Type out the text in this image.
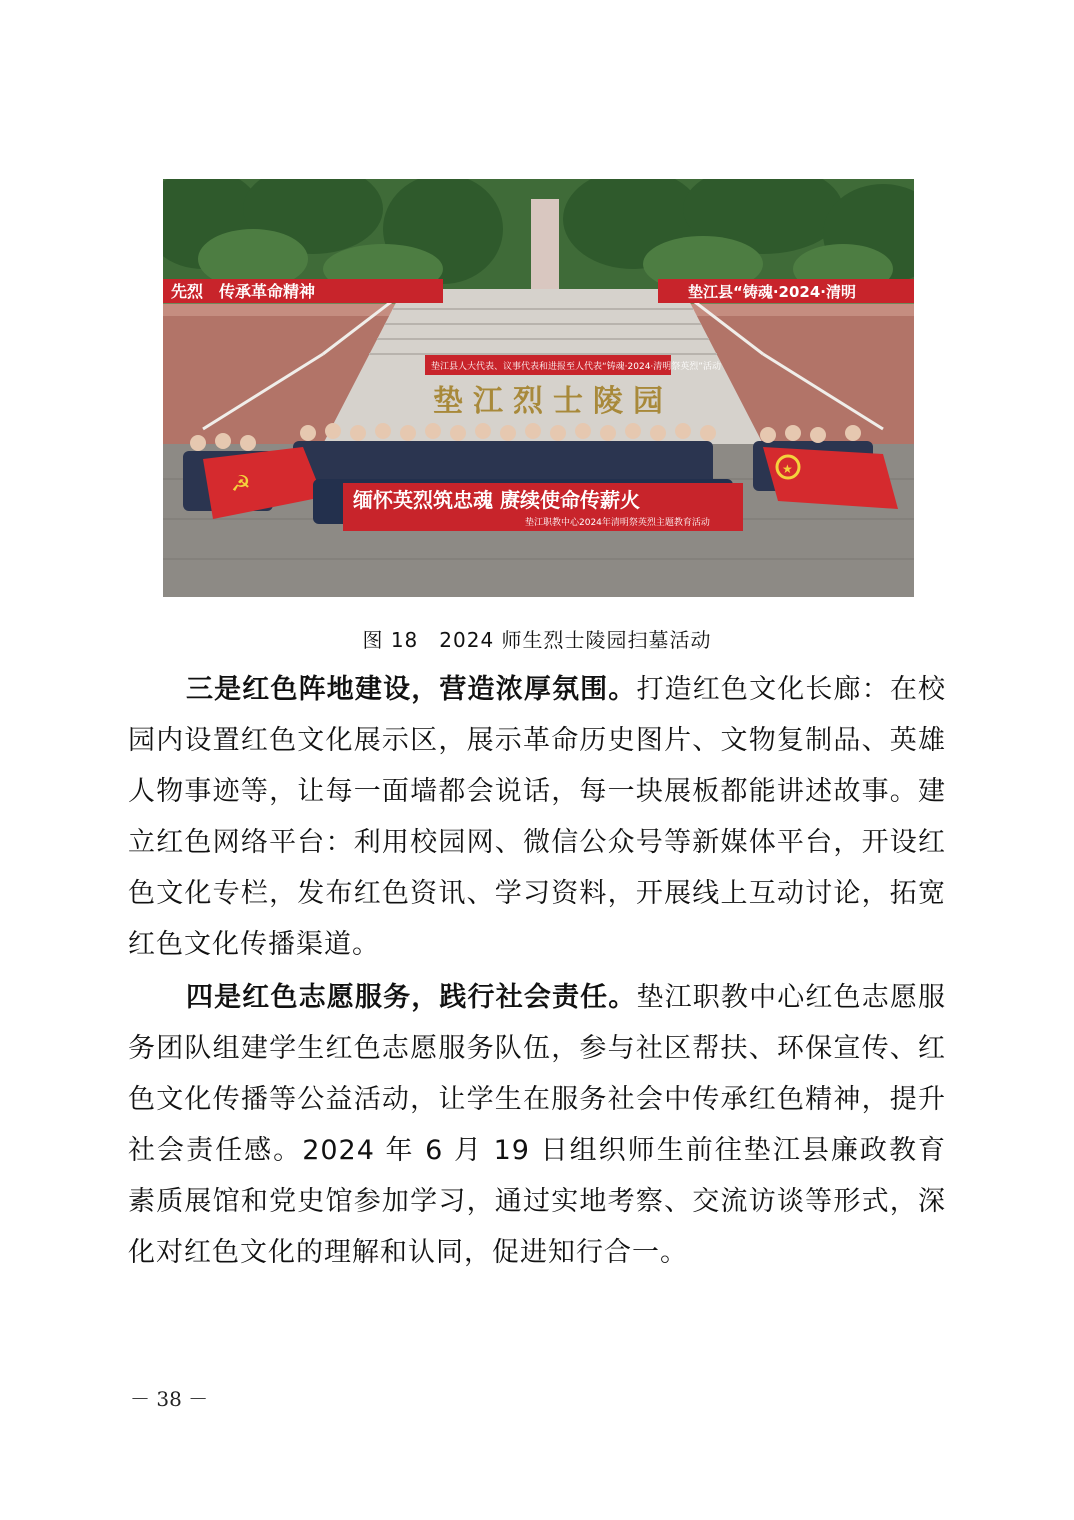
先烈　传承革命精神	垫江县“铸魂·2024·清明
垫江县人大代表、议事代表和进报至人代表“铸魂·2024·清明祭英烈”活动
垫江烈士陵园
☭
★
缅怀英烈筑忠魂 赓续使命传薪火
垫江职教中心2024年清明祭英烈主题教育活动
图 18　2024 师生烈士陵园扫墓活动

三是红色阵地建设，营造浓厚氛围。打造红色文化长廊：在校园内设置红色文化展示区，展示革命历史图片、文物复制品、英雄人物事迹等，让每一面墙都会说话，每一块展板都能讲述故事。建立红色网络平台：利用校园网、微信公众号等新媒体平台，开设红色文化专栏，发布红色资讯、学习资料，开展线上互动讨论，拓宽红色文化传播渠道。

四是红色志愿服务，践行社会责任。垫江职教中心红色志愿服务团队组建学生红色志愿服务队伍，参与社区帮扶、环保宣传、红色文化传播等公益活动，让学生在服务社会中传承红色精神，提升社会责任感。2024 年 6 月 19 日组织师生前往垫江县廉政教育素质展馆和党史馆参加学习，通过实地考察、交流访谈等形式，深化对红色文化的理解和认同，促进知行合一。

－ 38 －
